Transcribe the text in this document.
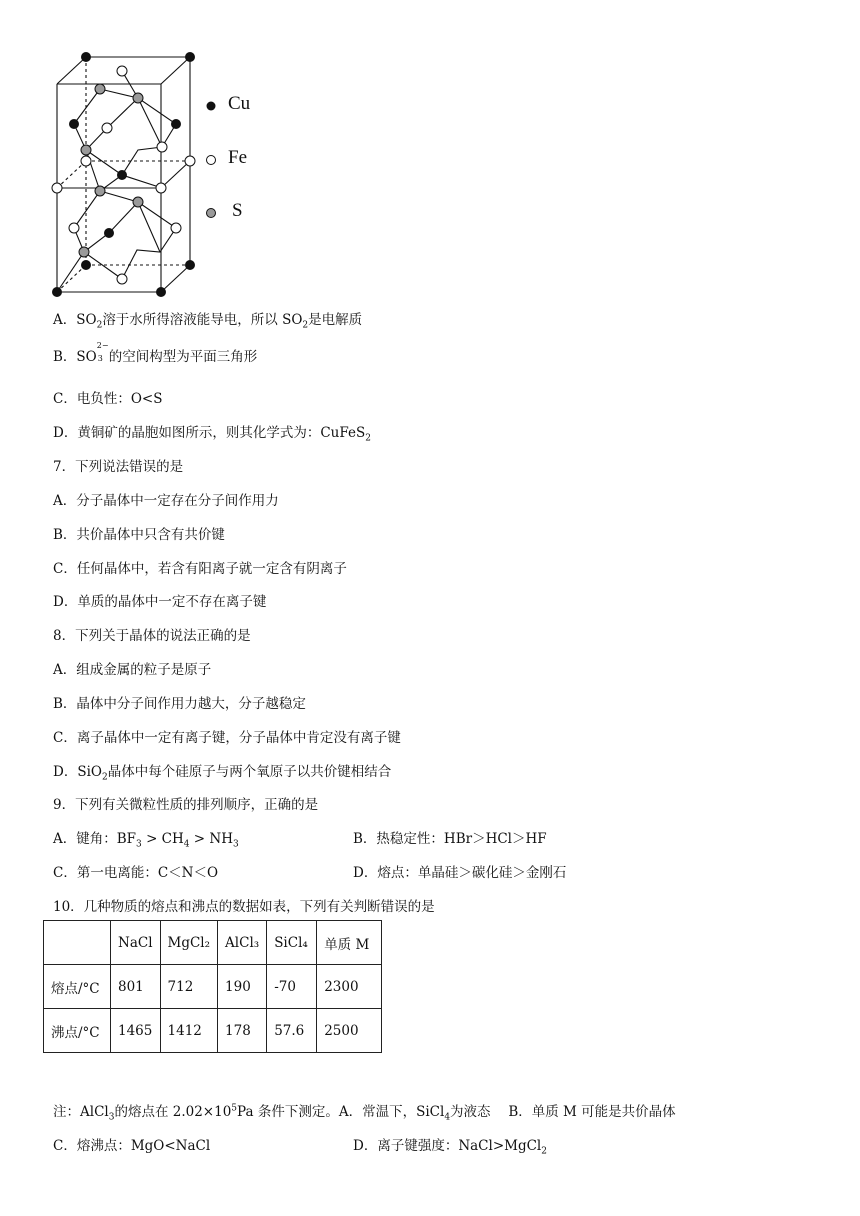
Cu
Fe
S
A．$SO_2$溶于水所得溶液能导电，所以 $SO_2$是电解质
B．SO
2−
3 的空间构型为平面三角形
C．电负性：O<S
D．黄铜矿的晶胞如图所示，则其化学式为：CuFeS$_2$
7．下列说法错误的是
A．分子晶体中一定存在分子间作用力
B．共价晶体中只含有共价键
C．任何晶体中，若含有阳离子就一定含有阴离子
D．单质的晶体中一定不存在离子键
8．下列关于晶体的说法正确的是
A．组成金属的粒子是原子
B．晶体中分子间作用力越大，分子越稳定
C．离子晶体中一定有离子键，分子晶体中肯定没有离子键
D．SiO$_2$晶体中每个硅原子与两个氧原子以共价键相结合
9．下列有关微粒性质的排列顺序，正确的是
A．键角：$BF_3 > CH_4 > NH_3$	B．热稳定性：HBr＞HCl＞HF
C．第一电离能：C＜N＜O	D．熔点：单晶硅＞碳化硅＞金刚石
10．几种物质的熔点和沸点的数据如表，下列有关判断错误的是
	NaCl	MgCl₂	AlCl₃	SiCl₄	单质 M
熔点/°C	801	712	190	-70	2300
沸点/°C	1465	1412	178	57.6	2500
注：AlCl$_3$的熔点在 $2.02\times 10^5Pa$ 条件下测定。A．常温下，SiCl$_4$为液态　 B．单质 M 可能是共价晶体
C．熔沸点：MgO<NaCl	D．离子键强度：NaCl>MgCl$_2$
